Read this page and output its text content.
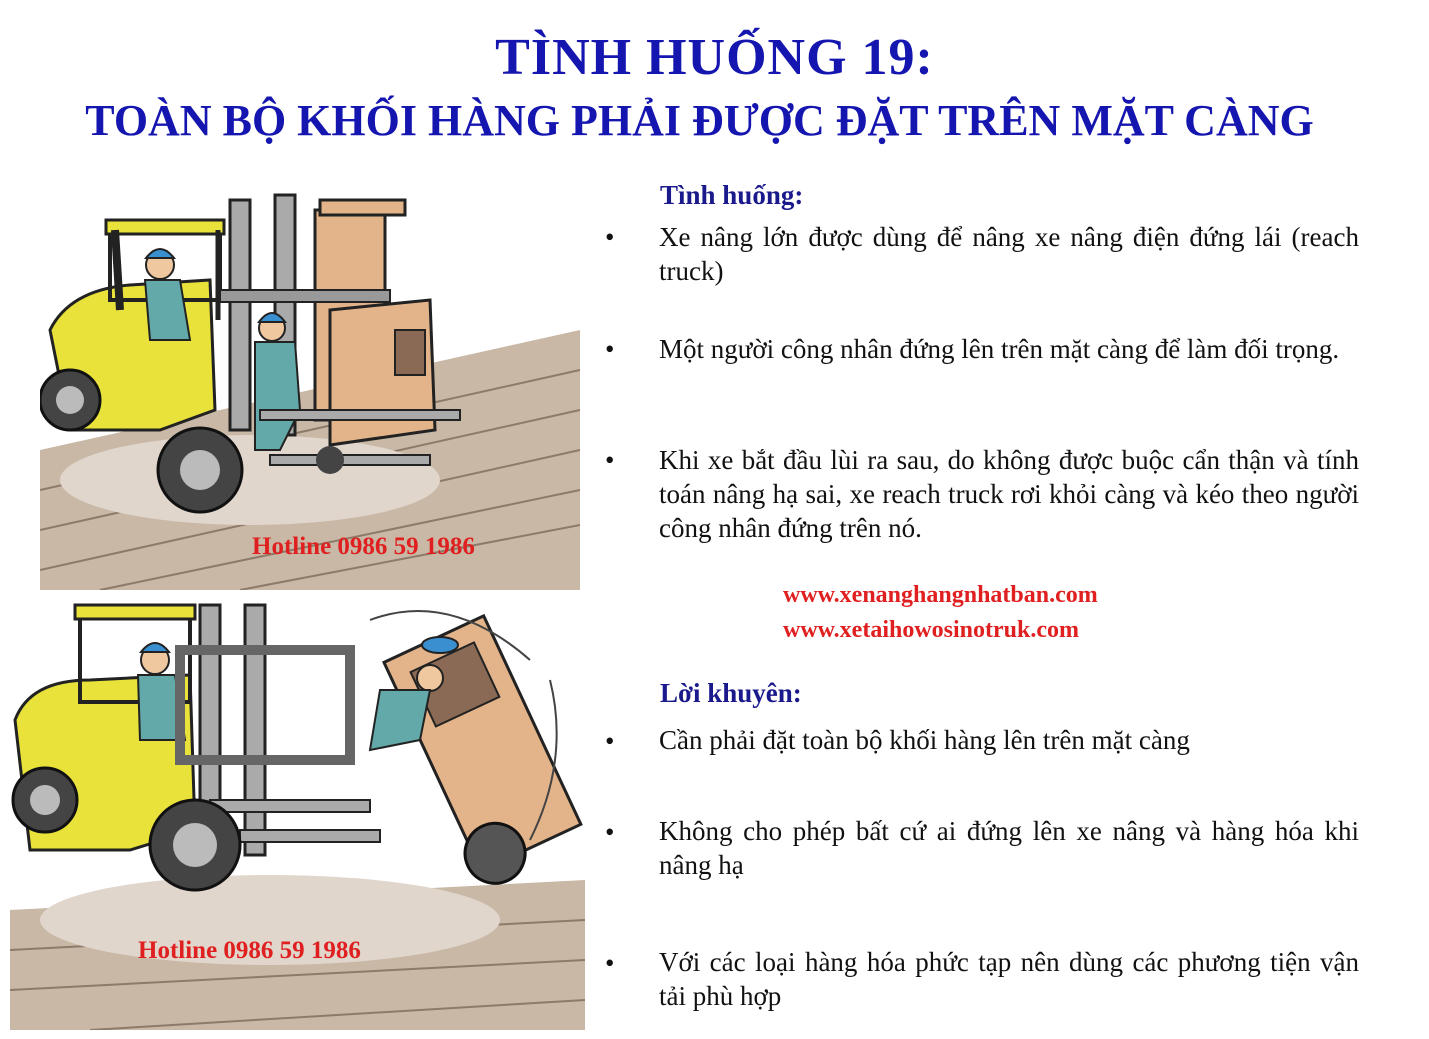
TÌNH HUỐNG 19:
TOÀN BỘ KHỐI HÀNG PHẢI ĐƯỢC ĐẶT TRÊN MẶT CÀNG
Hotline 0986 59 1986
Hotline 0986 59 1986
Tình huống:
• Xe nâng lớn được dùng để nâng xe nâng điện đứng lái (reach truck)
• Một người công nhân đứng lên trên mặt càng để làm đối trọng.
• Khi xe bắt đầu lùi ra sau, do không được buộc cẩn thận và tính toán nâng hạ sai, xe reach truck rơi khỏi càng và kéo theo người công nhân đứng trên nó.
www.xenanghangnhatban.com
www.xetaihowosinotruk.com
Lời khuyên:
• Cần phải đặt toàn bộ khối hàng lên trên mặt càng
• Không cho phép bất cứ ai đứng lên xe nâng và hàng hóa khi nâng hạ
• Với các loại hàng hóa phức tạp nên dùng các phương tiện vận tải phù hợp
